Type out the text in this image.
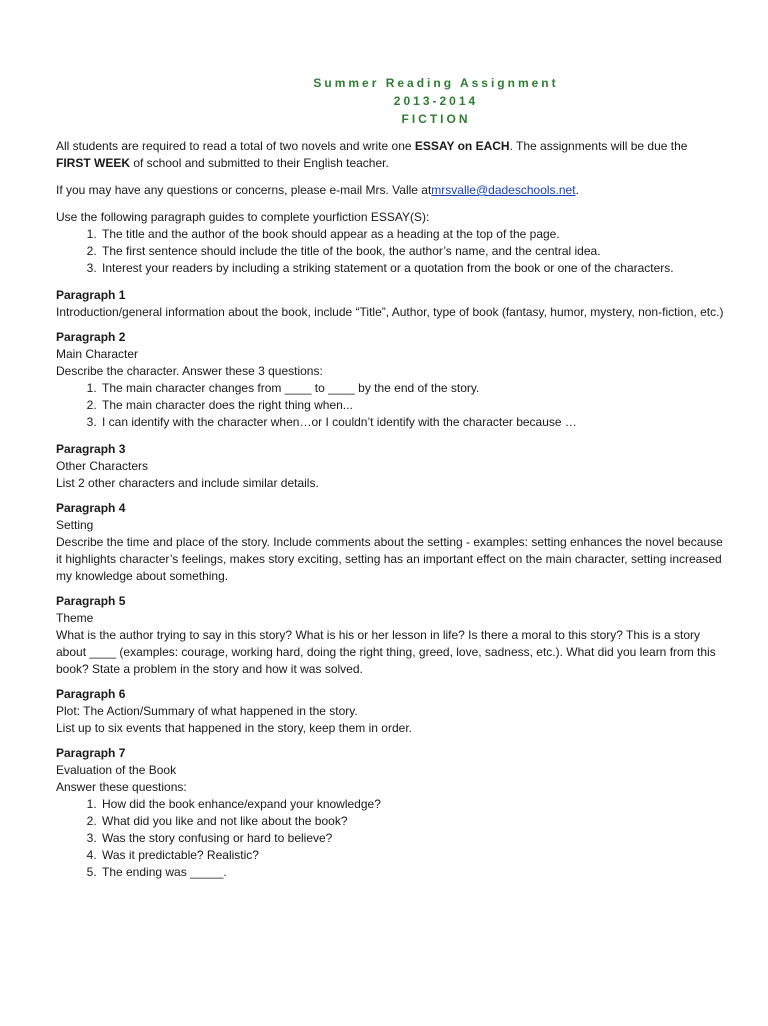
Summer Reading Assignment
2013-2014
FICTION

All students are required to read a total of two novels and write one ESSAY on EACH. The assignments will be due the FIRST WEEK of school and submitted to their English teacher.

If you may have any questions or concerns, please e-mail Mrs. Valle atmrsvalle@dadeschools.net.

Use the following paragraph guides to complete yourfiction ESSAY(S):
1. The title and the author of the book should appear as a heading at the top of the page.
2. The first sentence should include the title of the book, the author’s name, and the central idea.
3. Interest your readers by including a striking statement or a quotation from the book or one of the characters.
Paragraph 1
Introduction/general information about the book, include “Title”, Author, type of book (fantasy, humor, mystery, non-fiction, etc.)
Paragraph 2
Main Character
Describe the character. Answer these 3 questions:
1. The main character changes from ____ to ____ by the end of the story.
2. The main character does the right thing when...
3. I can identify with the character when…or I couldn’t identify with the character because …
Paragraph 3
Other Characters
List 2 other characters and include similar details.
Paragraph 4
Setting
Describe the time and place of the story. Include comments about the setting - examples: setting enhances the novel because it highlights character’s feelings, makes story exciting, setting has an important effect on the main character, setting increased my knowledge about something.
Paragraph 5
Theme
What is the author trying to say in this story? What is his or her lesson in life? Is there a moral to this story? This is a story about ____ (examples: courage, working hard, doing the right thing, greed, love, sadness, etc.). What did you learn from this book? State a problem in the story and how it was solved.
Paragraph 6
Plot: The Action/Summary of what happened in the story.
List up to six events that happened in the story, keep them in order.
Paragraph 7
Evaluation of the Book
Answer these questions:
1. How did the book enhance/expand your knowledge?
2. What did you like and not like about the book?
3. Was the story confusing or hard to believe?
4. Was it predictable? Realistic?
5. The ending was _____.
